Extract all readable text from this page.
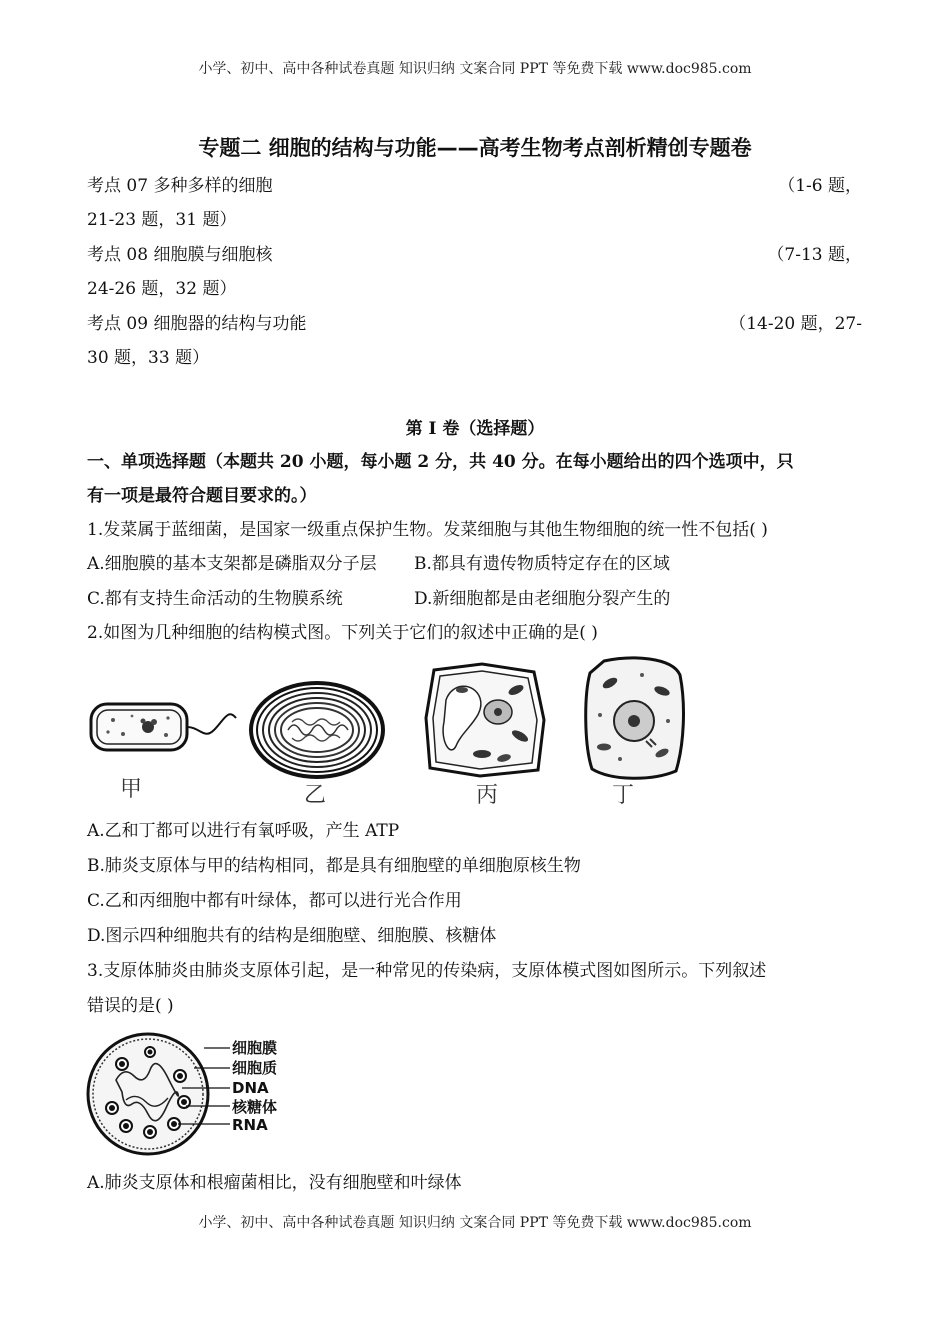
小学、初中、高中各种试卷真题 知识归纳 文案合同 PPT 等免费下载 www.doc985.com
专题二 细胞的结构与功能——高考生物考点剖析精创专题卷
考点 07 多种多样的细胞	（1-6 题，
21-23 题，31 题）
考点 08 细胞膜与细胞核	（7-13 题，
24-26 题，32 题）
考点 09 细胞器的结构与功能	（14-20 题，27-
30 题，33 题）
第 I 卷（选择题）
一、单项选择题（本题共 20 小题，每小题 2 分，共 40 分。在每小题给出的四个选项中，只
有一项是最符合题目要求的。）
1.发菜属于蓝细菌，是国家一级重点保护生物。发菜细胞与其他生物细胞的统一性不包括( )
A.细胞膜的基本支架都是磷脂双分子层 B.都具有遗传物质特定存在的区域
C.都有支持生命活动的生物膜系统	D.新细胞都是由老细胞分裂产生的
2.如图为几种细胞的结构模式图。下列关于它们的叙述中正确的是( )
甲	乙	丙	丁
A.乙和丁都可以进行有氧呼吸，产生 ATP
B.肺炎支原体与甲的结构相同，都是具有细胞壁的单细胞原核生物
C.乙和丙细胞中都有叶绿体，都可以进行光合作用
D.图示四种细胞共有的结构是细胞壁、细胞膜、核糖体
3.支原体肺炎由肺炎支原体引起，是一种常见的传染病，支原体模式图如图所示。下列叙述
错误的是( )
细胞膜
细胞质
DNA
核糖体
RNA
A.肺炎支原体和根瘤菌相比，没有细胞壁和叶绿体
小学、初中、高中各种试卷真题 知识归纳 文案合同 PPT 等免费下载 www.doc985.com
